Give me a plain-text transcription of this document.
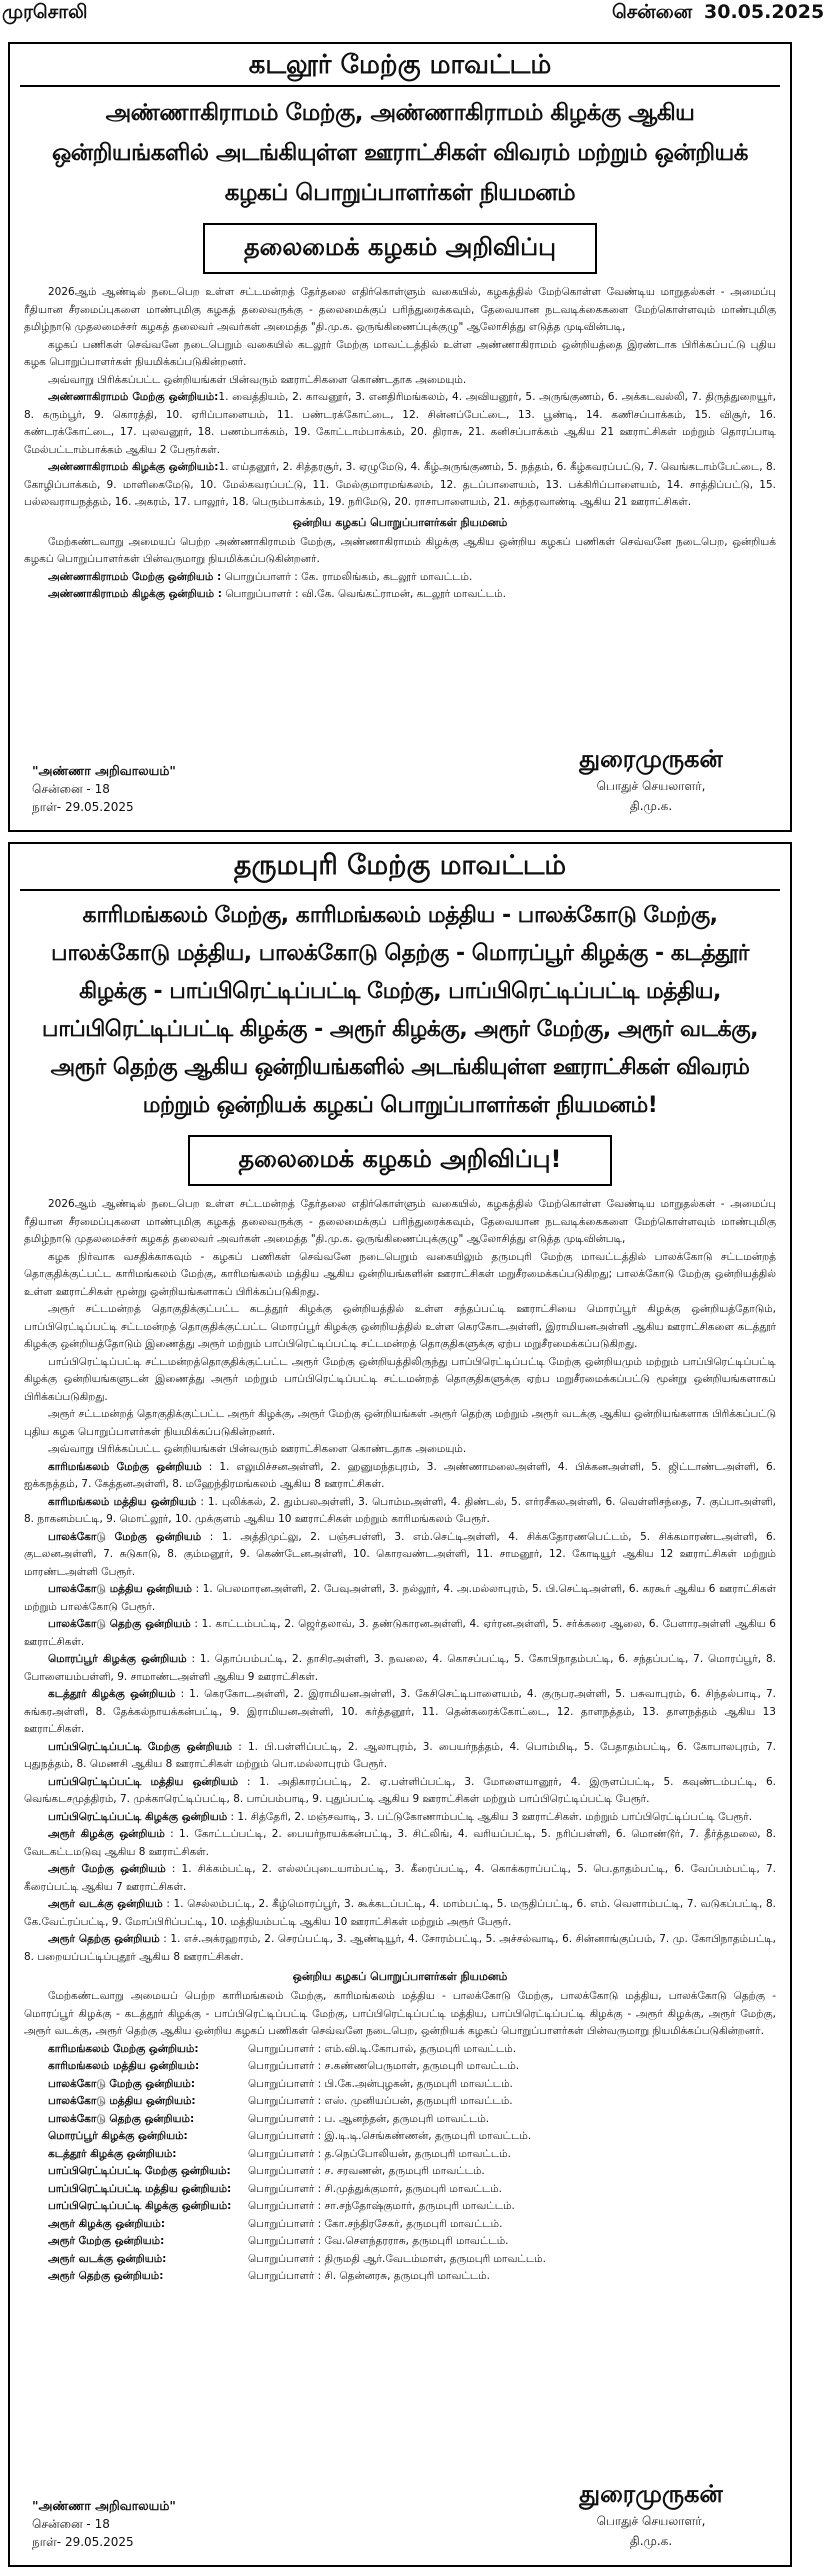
முரசொலி	சென்னை 30.05.2025
கடலூர் மேற்கு மாவட்டம்
அண்ணாகிராமம் மேற்கு, அண்ணாகிராமம் கிழக்கு ஆகிய ஒன்றியங்களில் அடங்கியுள்ள ஊராட்சிகள் விவரம் மற்றும் ஒன்றியக் கழகப் பொறுப்பாளர்கள் நியமனம்
தலைமைக் கழகம் அறிவிப்பு

2026ஆம் ஆண்டில் நடைபெற உள்ள சட்டமன்றத் தேர்தலை எதிர்கொள்ளும் வகையில், கழகத்தில் மேற்கொள்ள வேண்டிய மாறுதல்கள் - அமைப்பு ரீதியான சீரமைப்புகளை மாண்புமிகு கழகத் தலைவருக்கு - தலைமைக்குப் பரிந்துரைக்கவும், தேவையான நடவடிக்கைகளை மேற்கொள்ளவும் மாண்புமிகு தமிழ்நாடு முதலமைச்சர் கழகத் தலைவர் அவர்கள் அமைத்த "தி.மு.க. ஒருங்கிணைப்புக்குழு" ஆலோசித்து எடுத்த முடிவின்படி,

கழகப் பணிகள் செவ்வனே நடைபெறும் வகையில் கடலூர் மேற்கு மாவட்டத்தில் உள்ள அண்ணாகிராமம் ஒன்றியத்தை இரண்டாக பிரிக்கப்பட்டு புதிய கழக பொறுப்பாளர்கள் நியமிக்கப்படுகின்றனர்.

அவ்வாறு பிரிக்கப்பட்ட ஒன்றியங்கள் பின்வரும் ஊராட்சிகளை கொண்டதாக அமையும்.

அண்ணாகிராமம் மேற்கு ஒன்றியம்:1. வைத்தியம், 2. காவனூர், 3. எனதிரிமங்கலம், 4. அவியனூர், 5. அருங்குணம், 6. அக்கடவல்லி, 7. திருத்துறையூர், 8. கரும்பூர், 9. கொரத்தி, 10. ஏரிப்பாளையம், 11. பண்டரக்கோட்டை, 12. சின்னப்பேட்டை, 13. பூண்டி, 14. கணிசப்பாக்கம், 15. விசூர், 16. கண்டரக்கோட்டை, 17. புலவனூர், 18. பணம்பாக்கம், 19. கோட்டாம்பாக்கம், 20. திராசு, 21. கனிசப்பாக்கம் ஆகிய 21 ஊராட்சிகள் மற்றும் தொரப்பாடி மேல்பட்டாம்பாக்கம் ஆகிய 2 பேரூர்கள்.

அண்ணாகிராமம் கிழக்கு ஒன்றியம்:1. எய்தனூர், 2. சித்தரசூர், 3. ஏழுமேடு, 4. கீழ்அருங்குணம், 5. நத்தம், 6. கீழ்கவரப்பட்டு, 7. வெங்கடாம்பேட்டை, 8. கோழிப்பாக்கம், 9. மாளிகைமேடு, 10. மேல்கவரப்பட்டு, 11. மேல்குமாரமங்கலம், 12. தடப்பாளையம், 13. பக்கிரிப்பாளையம், 14. சாத்திப்பட்டு, 15. பல்லவராயநத்தம், 16. அகரம், 17. பாலூர், 18. பெரும்பாக்கம், 19. நரிமேடு, 20. ராசாபாளையம், 21. சுந்தரவாண்டி ஆகிய 21 ஊராட்சிகள்.

ஒன்றிய கழகப் பொறுப்பாளர்கள் நியமனம்

மேற்கண்டவாறு அமையப் பெற்ற அண்ணாகிராமம் மேற்கு, அண்ணாகிராமம் கிழக்கு ஆகிய ஒன்றிய கழகப் பணிகள் செவ்வனே நடைபெற, ஒன்றியக் கழகப் பொறுப்பாளர்கள் பின்வருமாறு நியமிக்கப்படுகின்றனர்.

அண்ணாகிராமம் மேற்கு ஒன்றியம் : பொறுப்பாளர் : கே. ராமலிங்கம், கடலூர் மாவட்டம்.

அண்ணாகிராமம் கிழக்கு ஒன்றியம் : பொறுப்பாளர் : வி.கே. வெங்கட்ராமன், கடலூர் மாவட்டம்.

"அண்ணா அறிவாலயம்"
சென்னை - 18
நாள்- 29.05.2025
துரைமுருகன்
பொதுச் செயலாளர்,
தி.மு.க.
தருமபுரி மேற்கு மாவட்டம்
காரிமங்கலம் மேற்கு, காரிமங்கலம் மத்திய - பாலக்கோடு மேற்கு, பாலக்கோடு மத்திய, பாலக்கோடு தெற்கு - மொரப்பூர் கிழக்கு - கடத்தூர் கிழக்கு - பாப்பிரெட்டிப்பட்டி மேற்கு, பாப்பிரெட்டிப்பட்டி மத்திய, பாப்பிரெட்டிப்பட்டி கிழக்கு - அரூர் கிழக்கு, அரூர் மேற்கு, அரூர் வடக்கு, அரூர் தெற்கு ஆகிய ஒன்றியங்களில் அடங்கியுள்ள ஊராட்சிகள் விவரம் மற்றும் ஒன்றியக் கழகப் பொறுப்பாளர்கள் நியமனம்!
தலைமைக் கழகம் அறிவிப்பு!

2026ஆம் ஆண்டில் நடைபெற உள்ள சட்டமன்றத் தேர்தலை எதிர்கொள்ளும் வகையில், கழகத்தில் மேற்கொள்ள வேண்டிய மாறுதல்கள் - அமைப்பு ரீதியான சீரமைப்புகளை மாண்புமிகு கழகத் தலைவருக்கு - தலைமைக்குப் பரிந்துரைக்கவும், தேவையான நடவடிக்கைகளை மேற்கொள்ளவும் மாண்புமிகு தமிழ்நாடு முதலமைச்சர் கழகத் தலைவர் அவர்கள் அமைத்த "தி.மு.க. ஒருங்கிணைப்புக்குழு" ஆலோசித்து எடுத்த முடிவின்படி,

கழக நிர்வாக வசதிக்காகவும் - கழகப் பணிகள் செவ்வனே நடைபெறும் வகையிலும் தருமபுரி மேற்கு மாவட்டத்தில் பாலக்கோடு சட்டமன்றத் தொகுதிக்குட்பட்ட காரிமங்கலம் மேற்கு, காரிமங்கலம் மத்திய ஆகிய ஒன்றியங்களின் ஊராட்சிகள் மறுசீரமைக்கப்படுகிறது; பாலக்கோடு மேற்கு ஒன்றியத்தில் உள்ள ஊராட்சிகள் மூன்று ஒன்றியங்களாகப் பிரிக்கப்படுகிறது.

அரூர் சட்டமன்றத் தொகுதிக்குட்பட்ட கடத்தூர் கிழக்கு ஒன்றியத்தில் உள்ள சந்தப்பட்டி ஊராட்சியை மொரப்பூர் கிழக்கு ஒன்றியத்தோடும், பாப்பிரெட்டிப்பட்டி சட்டமன்றத் தொகுதிக்குட்பட்ட மொரப்பூர் கிழக்கு ஒன்றியத்தில் உள்ள கெரகோடஅள்ளி, இராமியனஅள்ளி ஆகிய ஊராட்சிகளை கடத்தூர் கிழக்கு ஒன்றியத்தோடும் இணைத்து அரூர் மற்றும் பாப்பிரெட்டிப்பட்டி சட்டமன்றத் தொகுதிகளுக்கு ஏற்ப மறுசீரமைக்கப்படுகிறது.

பாப்பிரெட்டிப்பட்டி சட்டமன்றத்தொகுதிக்குட்பட்ட அரூர் மேற்கு ஒன்றியத்திலிருந்து பாப்பிரெட்டிப்பட்டி மேற்கு ஒன்றியமும் மற்றும் பாப்பிரெட்டிப்பட்டி கிழக்கு ஒன்றியங்களுடன் இணைத்து அரூர் மற்றும் பாப்பிரெட்டிப்பட்டி சட்டமன்றத் தொகுதிகளுக்கு ஏற்ப மறுசீரமைக்கப்பட்டு மூன்று ஒன்றியங்களாகப் பிரிக்கப்படுகிறது.

அரூர் சட்டமன்றத் தொகுதிக்குட்பட்ட அரூர் கிழக்கு, அரூர் மேற்கு ஒன்றியங்கள் அரூர் தெற்கு மற்றும் அரூர் வடக்கு ஆகிய ஒன்றியங்களாக பிரிக்கப்பட்டு புதிய கழக பொறுப்பாளர்கள் நியமிக்கப்படுகின்றனர்.

அவ்வாறு பிரிக்கப்பட்ட ஒன்றியங்கள் பின்வரும் ஊராட்சிகளை கொண்டதாக அமையும்.

காரிமங்கலம் மேற்கு ஒன்றியம் : 1. எலுமிச்சனஅள்ளி, 2. ஹனுமந்தபுரம், 3. அண்ணாமலைஅள்ளி, 4. பிக்கனஅள்ளி, 5. ஜிட்டாண்டஅள்ளி, 6. ஐக்கநத்தம், 7. கேத்தனஅள்ளி, 8. மஹேந்திரமங்கலம் ஆகிய 8 ஊராட்சிகள்.

காரிமங்கலம் மத்திய ஒன்றியம் : 1. புலிக்கல், 2. தும்பலஅள்ளி, 3. பொம்மஅள்ளி, 4. திண்டல், 5. எர்ரசீகலஅள்ளி, 6. வெள்ளிசந்தை, 7. குப்பாஅள்ளி, 8. நாகனம்பட்டி, 9. மொட்லூர், 10. முக்குளம் ஆகிய 10 ஊராட்சிகள் மற்றும் காரிமங்கலம் பேரூர்.

பாலக்கோடு மேற்கு ஒன்றியம் : 1. அத்திமுட்லு, 2. பஞ்சபள்ளி, 3. எம்.செட்டிஅள்ளி, 4. சிக்கதோரணபெட்டம், 5. சிக்கமாரண்டஅள்ளி, 6. குடலனஅள்ளி, 7. சுடுகாடு, 8. கும்மனூர், 9. கெண்டேனஅள்ளி, 10. கொரவண்டஅள்ளி, 11. சாமனூர், 12. கோடியூர் ஆகிய 12 ஊராட்சிகள் மற்றும் மாரண்டஅள்ளி பேரூர்.

பாலக்கோடு மத்திய ஒன்றியம் : 1. பெலமாரனஅள்ளி, 2. பேவுஅள்ளி, 3. நல்லூர், 4. அ.மல்லாபுரம், 5. பி.செட்டிஅள்ளி, 6. கரகூர் ஆகிய 6 ஊராட்சிகள் மற்றும் பாலக்கோடு பேரூர்.

பாலக்கோடு தெற்கு ஒன்றியம் : 1. காட்டம்பட்டி, 2. ஜெர்தலாவ், 3. தண்டுகாரனஅள்ளி, 4. ஏர்ரனஅள்ளி, 5. சர்க்கரை ஆலை, 6. பேளாரஅள்ளி ஆகிய 6 ஊராட்சிகள்.

மொரப்பூர் கிழக்கு ஒன்றியம் : 1. தொப்பம்பட்டி, 2. தாசிரஅள்ளி, 3. நவலை, 4. கொசப்பட்டி, 5. கோபிநாதம்பட்டி, 6. சந்தப்பட்டி, 7. மொரப்பூர், 8. போளையம்பள்ளி, 9. சாமாண்டஅள்ளி ஆகிய 9 ஊராட்சிகள்.

கடத்தூர் கிழக்கு ஒன்றியம் : 1. கெரகோடஅள்ளி, 2. இராமியனஅள்ளி, 3. கேசிசெட்டிபாளையம், 4. குருபரஅள்ளி, 5. பசுவாபுரம், 6. சிந்தல்பாடி, 7. சுங்கரஅள்ளி, 8. தேக்கல்நாயக்கன்பட்டி, 9. இராமியனஅள்ளி, 10. கர்த்தனூர், 11. தென்கரைக்கோட்டை, 12. தாளநத்தம், 13. தாளநத்தம் ஆகிய 13 ஊராட்சிகள்.

பாப்பிரெட்டிப்பட்டி மேற்கு ஒன்றியம் : 1. பி.பள்ளிப்பட்டி, 2. ஆலாபுரம், 3. பையர்நத்தம், 4. பொம்மிடி, 5. பேதாதம்பட்டி, 6. கோபாலபுரம், 7. புதுநத்தம், 8. மெணசி ஆகிய 8 ஊராட்சிகள் மற்றும் பொ.மல்லாபுரம் பேரூர்.

பாப்பிரெட்டிப்பட்டி மத்திய ஒன்றியம் : 1. அதிகாரப்பட்டி, 2. ஏ.பள்ளிப்பட்டி, 3. மோளையானூர், 4. இருளப்பட்டி, 5. கவுண்டம்பட்டி, 6. வெங்கடசமுத்திரம், 7. முக்காரெட்டிப்பட்டி, 8. பாப்பம்பாடி, 9. புதுப்பட்டி ஆகிய 9 ஊராட்சிகள் மற்றும் பாப்பிரெட்டிப்பட்டி பேரூர்.

பாப்பிரெட்டிப்பட்டி கிழக்கு ஒன்றியம் : 1. சித்தேரி, 2. மஞ்சவாடி, 3. பட்டுகோணாம்பட்டி ஆகிய 3 ஊராட்சிகள். மற்றும் பாப்பிரெட்டிப்பட்டி பேரூர்.

அரூர் கிழக்கு ஒன்றியம் : 1. கோட்டப்பட்டி, 2. பையர்நாயக்கன்பட்டி, 3. சிட்லிங், 4. வரியப்பட்டி, 5. நரிப்பள்ளி, 6. மொண்டூர், 7. தீர்த்தமலை, 8. வேடகட்டமடுவு ஆகிய 8 ஊராட்சிகள்.

அரூர் மேற்கு ஒன்றியம் : 1. சிக்கம்பட்டி, 2. எல்லப்புடையாம்பட்டி, 3. கீரைப்பட்டி, 4. கொக்கராப்பட்டி, 5. பெ.தாதம்பட்டி, 6. வேப்பம்பட்டி, 7. கீரைப்பட்டி ஆகிய 7 ஊராட்சிகள்.

அரூர் வடக்கு ஒன்றியம் : 1. செல்லம்பட்டி, 2. கீழ்மொரப்பூர், 3. கூக்கடப்பட்டி, 4. மாம்பட்டி, 5. மருதிப்பட்டி, 6. எம். வெளாம்பட்டி, 7. வடுகப்பட்டி, 8. கே.வேட்ரப்பட்டி, 9. மோப்பிரிப்பட்டி, 10. மத்தியம்பட்டி ஆகிய 10 ஊராட்சிகள் மற்றும் அரூர் பேரூர்.

அரூர் தெற்கு ஒன்றியம் : 1. எச்.அக்ரஹாரம், 2. செரப்பட்டி, 3. ஆண்டியூர், 4. சோரம்பட்டி, 5. அச்சல்வாடி, 6. சின்னாங்குப்பம், 7. மு. கோபிநாதம்பட்டி, 8. பறையப்பட்டிப்புதூர் ஆகிய 8 ஊராட்சிகள்.

ஒன்றிய கழகப் பொறுப்பாளர்கள் நியமனம்

மேற்கண்டவாறு அமையப் பெற்ற காரிமங்கலம் மேற்கு, காரிமங்கலம் மத்திய - பாலக்கோடு மேற்கு, பாலக்கோடு மத்திய, பாலக்கோடு தெற்கு - மொரப்பூர் கிழக்கு - கடத்தூர் கிழக்கு - பாப்பிரெட்டிப்பட்டி மேற்கு, பாப்பிரெட்டிப்பட்டி மத்திய, பாப்பிரெட்டிப்பட்டி கிழக்கு - அரூர் கிழக்கு, அரூர் மேற்கு, அரூர் வடக்கு, அரூர் தெற்கு ஆகிய ஒன்றிய கழகப் பணிகள் செவ்வனே நடைபெற, ஒன்றியக் கழகப் பொறுப்பாளர்கள் பின்வருமாறு நியமிக்கப்படுகின்றனர்.

காரிமங்கலம் மேற்கு ஒன்றியம்:	பொறுப்பாளர் : எம்.வி.டி.கோபால், தருமபுரி மாவட்டம்.
காரிமங்கலம் மத்திய ஒன்றியம்:	பொறுப்பாளர் : ச.கண்ணபெருமாள், தருமபுரி மாவட்டம்.
பாலக்கோடு மேற்கு ஒன்றியம்:	பொறுப்பாளர் : பி.கே.அன்புழகன், தருமபுரி மாவட்டம்.
பாலக்கோடு மத்திய ஒன்றியம்:	பொறுப்பாளர் : எஸ். முனியப்பன், தருமபுரி மாவட்டம்.
பாலக்கோடு தெற்கு ஒன்றியம்:	பொறுப்பாளர் : ப. ஆனந்தன், தருமபுரி மாவட்டம்.
மொரப்பூர் கிழக்கு ஒன்றியம்:	பொறுப்பாளர் : இ.டி.டி.செங்கண்ணன், தருமபுரி மாவட்டம்.
கடத்தூர் கிழக்கு ஒன்றியம்:	பொறுப்பாளர் : த.நெப்போலியன், தருமபுரி மாவட்டம்.
பாப்பிரெட்டிப்பட்டி மேற்கு ஒன்றியம்:	பொறுப்பாளர் : ச. சரவணன், தருமபுரி மாவட்டம்.
பாப்பிரெட்டிப்பட்டி மத்திய ஒன்றியம்:	பொறுப்பாளர் : சி.முத்துக்குமார், தருமபுரி மாவட்டம்.
பாப்பிரெட்டிப்பட்டி கிழக்கு ஒன்றியம்:	பொறுப்பாளர் : சா.சந்தோஷ்குமார், தருமபுரி மாவட்டம்.
அரூர் கிழக்கு ஒன்றியம்:	பொறுப்பாளர் : கோ.சந்திரசேகர், தருமபுரி மாவட்டம்.
அரூர் மேற்கு ஒன்றியம்:	பொறுப்பாளர் : வே.சௌந்தரராசு, தருமபுரி மாவட்டம்.
அரூர் வடக்கு ஒன்றியம்:	பொறுப்பாளர் : திருமதி ஆர்.வேடம்மாள், தருமபுரி மாவட்டம்.
அரூர் தெற்கு ஒன்றியம்:	பொறுப்பாளர் : சி. தென்னரசு, தருமபுரி மாவட்டம்.
"அண்ணா அறிவாலயம்"
சென்னை - 18
நாள்- 29.05.2025
துரைமுருகன்
பொதுச் செயலாளர்,
தி.மு.க.
